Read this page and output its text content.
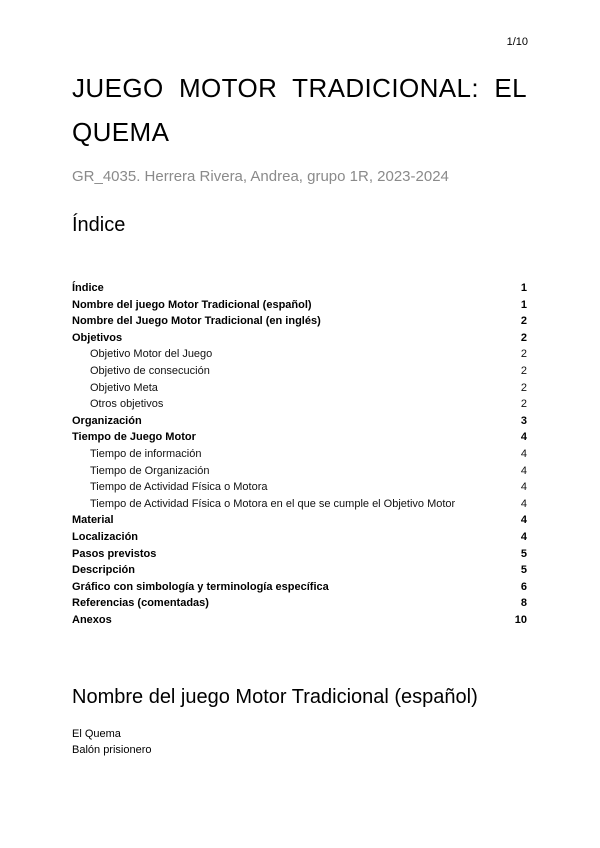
1/10
JUEGO MOTOR TRADICIONAL: EL QUEMA

GR_4035. Herrera Rivera, Andrea, grupo 1R, 2023-2024

Índice
Índice	1
Nombre del juego Motor Tradicional (español)	1
Nombre del Juego Motor Tradicional (en inglés)	2
Objetivos	2
Objetivo Motor del Juego	2
Objetivo de consecución	2
Objetivo Meta	2
Otros objetivos	2
Organización	3
Tiempo de Juego Motor	4
Tiempo de información	4
Tiempo de Organización	4
Tiempo de Actividad Física o Motora	4
Tiempo de Actividad Física o Motora en el que se cumple el Objetivo Motor	4
Material	4
Localización	4
Pasos previstos	5
Descripción	5
Gráfico con simbología y terminología específica	6
Referencias (comentadas)	8
Anexos	10
Nombre del juego Motor Tradicional (español)
El Quema
Balón prisionero
